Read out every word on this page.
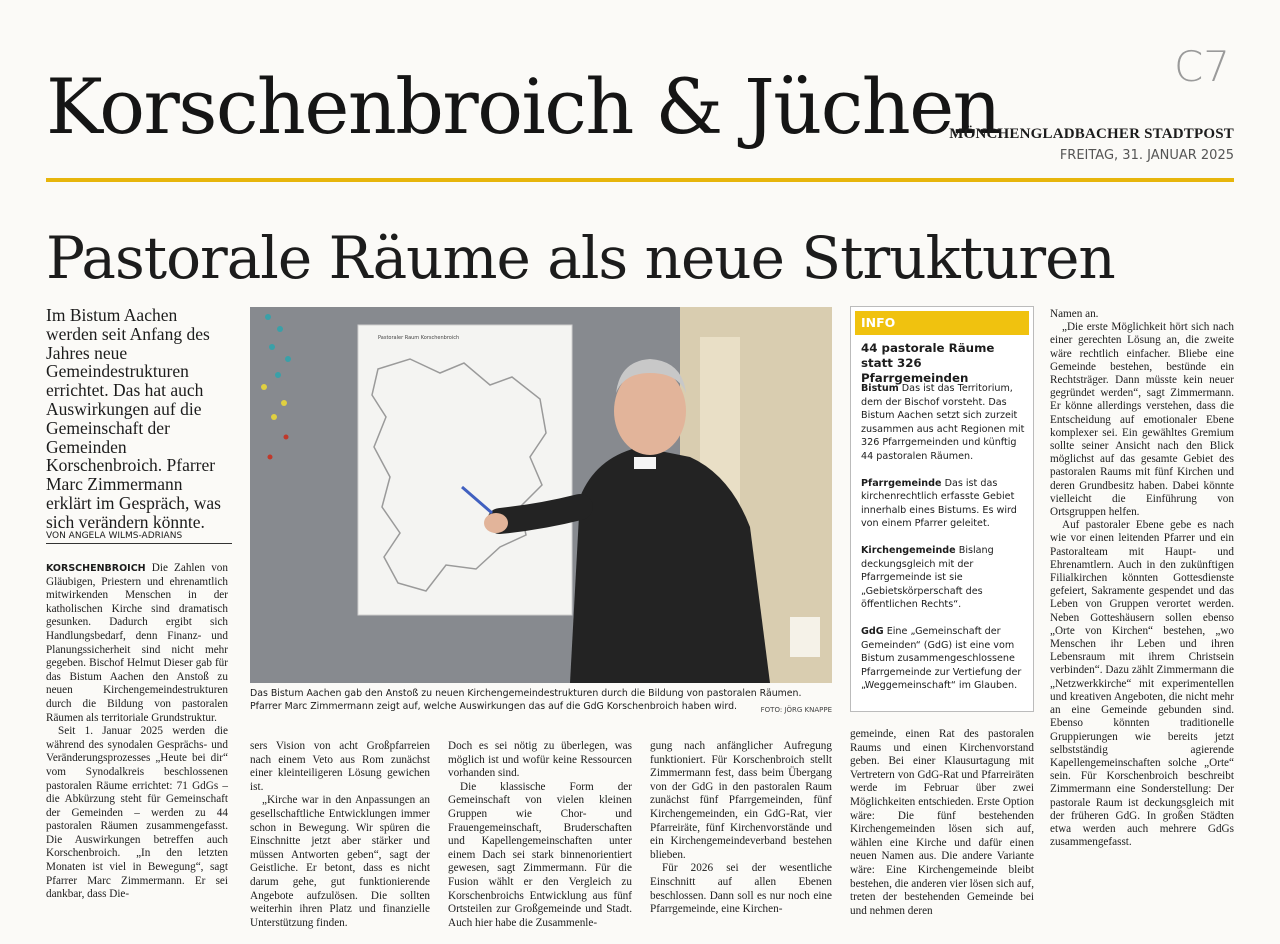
Korschenbroich & Jüchen	C7
MÖNCHENGLADBACHER STADTPOST
FREITAG, 31. JANUAR 2025
Pastorale Räume als neue Strukturen
Im Bistum Aachen werden seit Anfang des Jahres neue Gemeindestrukturen errichtet. Das hat auch Auswirkungen auf die Gemeinschaft der Gemeinden Korschenbroich. Pfarrer Marc Zimmermann erklärt im Gespräch, was sich verändern könnte.
VON ANGELA WILMS-ADRIANS

KORSCHENBROICH Die Zahlen von Gläubigen, Priestern und ehrenamtlich mitwirkenden Menschen in der katholischen Kirche sind dramatisch gesunken. Dadurch ergibt sich Handlungsbedarf, denn Finanz- und Planungssicherheit sind nicht mehr gegeben. Bischof Helmut Dieser gab für das Bistum Aachen den Anstoß zu neuen Kirchengemeindestrukturen durch die Bildung von pastoralen Räumen als territoriale Grundstruktur.

Seit 1. Januar 2025 werden die während des synodalen Gesprächs- und Veränderungsprozesses „Heute bei dir“ vom Synodalkreis beschlossenen pastoralen Räume errichtet: 71 GdGs – die Abkürzung steht für Gemeinschaft der Gemeinden – werden zu 44 pastoralen Räumen zusammengefasst. Die Auswirkungen betreffen auch Korschenbroich. „In den letzten Monaten ist viel in Bewegung“, sagt Pfarrer Marc Zimmermann. Er sei dankbar, dass Die-

Pastoraler Raum Korschenbroich
Das Bistum Aachen gab den Anstoß zu neuen Kirchengemeindestrukturen durch die Bildung von pastoralen Räumen. Pfarrer Marc Zimmermann zeigt auf, welche Auswirkungen das auf die GdG Korschenbroich haben wird.	FOTO: JÖRG KNAPPE

sers Vision von acht Großpfarreien nach einem Veto aus Rom zunächst einer kleinteiligeren Lösung gewichen ist.

„Kirche war in den Anpassungen an gesellschaftliche Entwicklungen immer schon in Bewegung. Wir spüren die Einschnitte jetzt aber stärker und müssen Antworten geben“, sagt der Geistliche. Er betont, dass es nicht darum gehe, gut funktionierende Angebote aufzulösen. Die sollten weiterhin ihren Platz und finanzielle Unterstützung finden.

Doch es sei nötig zu überlegen, was möglich ist und wofür keine Ressourcen vorhanden sind.

Die klassische Form der Gemeinschaft von vielen kleinen Gruppen wie Chor- und Frauengemeinschaft, Bruderschaften und Kapellengemeinschaften unter einem Dach sei stark binnenorientiert gewesen, sagt Zimmermann. Für die Fusion wählt er den Vergleich zu Korschenbroichs Entwicklung aus fünf Ortsteilen zur Großgemeinde und Stadt. Auch hier habe die Zusammenle-

gung nach anfänglicher Aufregung funktioniert. Für Korschenbroich stellt Zimmermann fest, dass beim Übergang von der GdG in den pastoralen Raum zunächst fünf Pfarrgemeinden, fünf Kirchengemeinden, ein GdG-Rat, vier Pfarreiräte, fünf Kirchenvorstände und ein Kirchengemeindeverband bestehen blieben.

Für 2026 sei der wesentliche Einschnitt auf allen Ebenen beschlossen. Dann soll es nur noch eine Pfarrgemeinde, eine Kirchen-

INFO
44 pastorale Räume statt 326 Pfarrgemeinden

Bistum Das ist das Territorium, dem der Bischof vorsteht. Das Bistum Aachen setzt sich zurzeit zusammen aus acht Regionen mit 326 Pfarrgemeinden und künftig 44 pastoralen Räumen.

Pfarrgemeinde Das ist das kirchenrechtlich erfasste Gebiet innerhalb eines Bistums. Es wird von einem Pfarrer geleitet.

Kirchengemeinde Bislang deckungsgleich mit der Pfarrgemeinde ist sie „Gebietskörperschaft des öffentlichen Rechts“.

GdG Eine „Gemeinschaft der Gemeinden“ (GdG) ist eine vom Bistum zusammengeschlossene Pfarrgemeinde zur Vertiefung der „Weggemeinschaft“ im Glauben.

gemeinde, einen Rat des pastoralen Raums und einen Kirchenvorstand geben. Bei einer Klausurtagung mit Vertretern von GdG-Rat und Pfarreiräten werde im Februar über zwei Möglichkeiten entschieden. Erste Option wäre: Die fünf bestehenden Kirchengemeinden lösen sich auf, wählen eine Kirche und dafür einen neuen Namen aus. Die andere Variante wäre: Eine Kirchengemeinde bleibt bestehen, die anderen vier lösen sich auf, treten der bestehenden Gemeinde bei und nehmen deren

Namen an.

„Die erste Möglichkeit hört sich nach einer gerechten Lösung an, die zweite wäre rechtlich einfacher. Bliebe eine Gemeinde bestehen, bestünde ein Rechtsträger. Dann müsste kein neuer gegründet werden“, sagt Zimmermann. Er könne allerdings verstehen, dass die Entscheidung auf emotionaler Ebene komplexer sei. Ein gewähltes Gremium sollte seiner Ansicht nach den Blick möglichst auf das gesamte Gebiet des pastoralen Raums mit fünf Kirchen und deren Grundbesitz haben. Dabei könnte vielleicht die Einführung von Ortsgruppen helfen.

Auf pastoraler Ebene gebe es nach wie vor einen leitenden Pfarrer und ein Pastoralteam mit Haupt- und Ehrenamtlern. Auch in den zukünftigen Filialkirchen könnten Gottesdienste gefeiert, Sakramente gespendet und das Leben von Gruppen verortet werden. Neben Gotteshäusern sollen ebenso „Orte von Kirchen“ bestehen, „wo Menschen ihr Leben und ihren Lebensraum mit ihrem Christsein verbinden“. Dazu zählt Zimmermann die „Netzwerkkirche“ mit experimentellen und kreativen Angeboten, die nicht mehr an eine Gemeinde gebunden sind. Ebenso könnten traditionelle Gruppierungen wie bereits jetzt selbstständig agierende Kapellengemeinschaften solche „Orte“ sein. Für Korschenbroich beschreibt Zimmermann eine Sonderstellung: Der pastorale Raum ist deckungsgleich mit der früheren GdG. In großen Städten etwa werden auch mehrere GdGs zusammengefasst.
